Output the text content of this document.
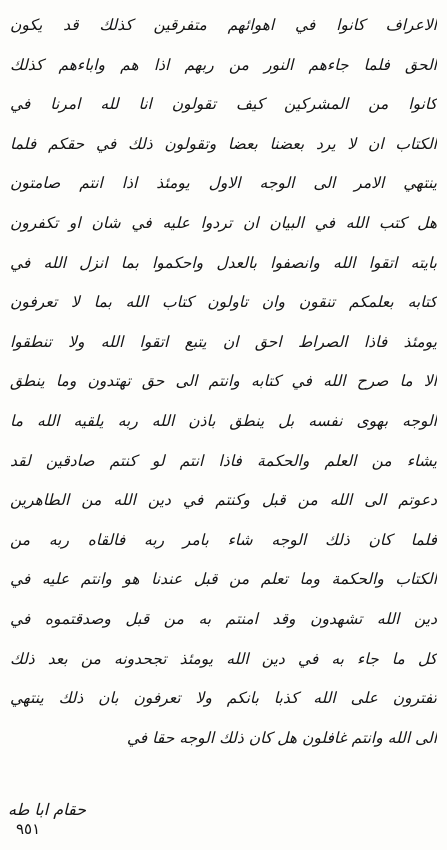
الاعراف كانوا في اهوائهم متفرقين كذلك قد يكون
الحق فلما جاءهم النور من ربهم اذا هم واباءهم كذلك
كانوا من المشركين كيف تقولون انا لله امرنا في
الكتاب ان لا يرد بعضنا بعضا وتقولون ذلك في حقكم فلما
ينتهي الامر الى الوجه الاول يومئذ اذا انتم صامتون
هل كتب الله في البيان ان تردوا عليه في شان او تكفرون
بايته اتقوا الله وانصفوا بالعدل واحكموا بما انزل الله في
كتابه بعلمكم تنقون وان تاولون كتاب الله بما لا تعرفون
يومئذ فاذا الصراط احق ان يتبع اتقوا الله ولا تنطقوا
الا ما صرح الله في كتابه وانتم الى حق تهتدون وما ينطق
الوجه بهوى نفسه بل ينطق باذن الله ربه يلقيه الله ما
يشاء من العلم والحكمة فاذا انتم لو كنتم صادقين لقد
دعوتم الى الله من قبل وكنتم في دين الله من الطاهرين
فلما كان ذلك الوجه شاء بامر ربه فالقاه ربه من
الكتاب والحكمة وما تعلم من قبل عندنا هو وانتم عليه في
دين الله تشهدون وقد امنتم به من قبل وصدقتموه في
كل ما جاء به في دين الله يومئذ تجحدونه من بعد ذلك
تفترون على الله كذبا بانكم ولا تعرفون بان ذلك ينتهي
الى الله وانتم غافلون هل كان ذلك الوجه حقا في
حقام ابا طه
٩٥١
